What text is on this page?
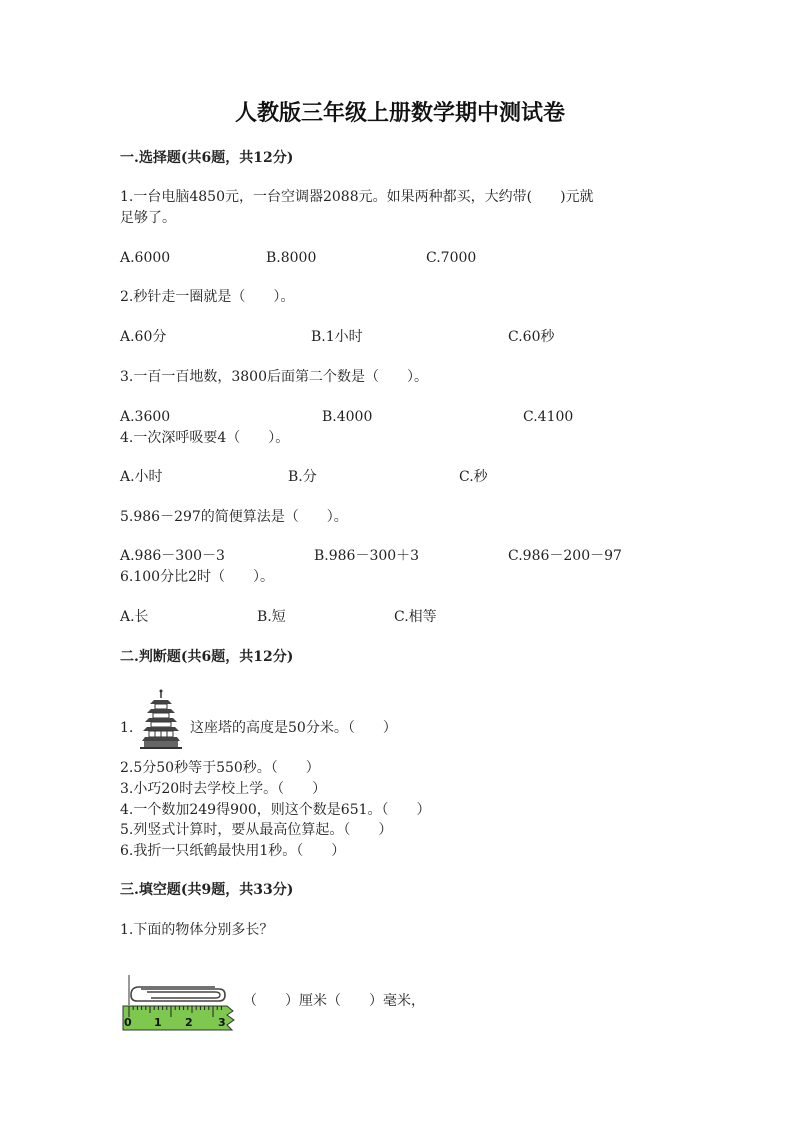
人教版三年级上册数学期中测试卷
一.选择题(共6题，共12分)
1.一台电脑4850元，一台空调器2088元。如果两种都买，大约带(　　)元就
足够了。
A.6000	B.8000	C.7000
2.秒针走一圈就是（　　）。
A.60分	B.1小时	C.60秒
3.一百一百地数，3800后面第二个数是（　　）。
A.3600	B.4000	C.4100
4.一次深呼吸要4（　　）。
A.小时	B.分	C.秒
5.986－297的简便算法是（　　）。
A.986－300－3	B.986－300＋3	C.986－200－97
6.100分比2时（　　）。
A.长	B.短	C.相等
二.判断题(共6题，共12分)
1.	这座塔的高度是50分米。（　　）
2.5分50秒等于550秒。（　　）
3.小巧20时去学校上学。（　　）
4.一个数加249得900，则这个数是651。（　　）
5.列竖式计算时，要从最高位算起。（　　）
6.我折一只纸鹤最快用1秒。（　　）
三.填空题(共9题，共33分)
1.下面的物体分别多长？
0 1 2 3
（　　）厘米（　　）毫米，
